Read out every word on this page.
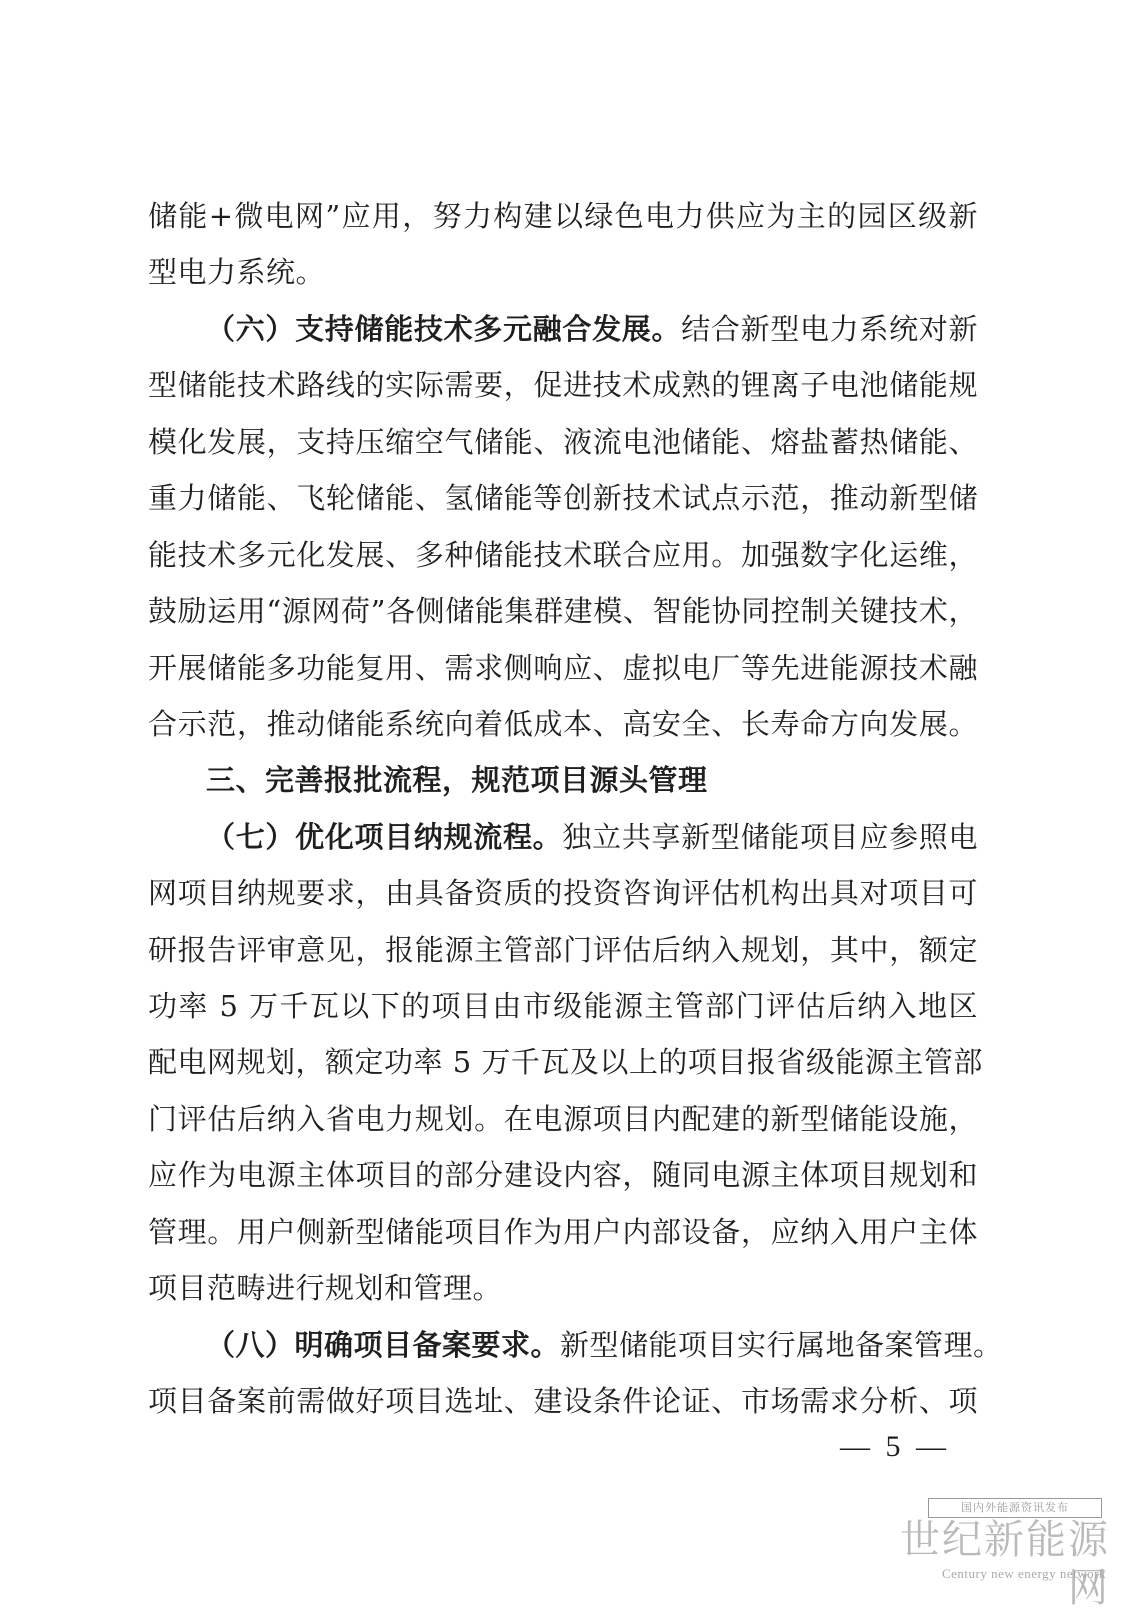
储能+微电网”应用，努力构建以绿色电力供应为主的园区级新
型电力系统。
（六）支持储能技术多元融合发展。结合新型电力系统对新
型储能技术路线的实际需要，促进技术成熟的锂离子电池储能规
模化发展，支持压缩空气储能、液流电池储能、熔盐蓄热储能、
重力储能、飞轮储能、氢储能等创新技术试点示范，推动新型储
能技术多元化发展、多种储能技术联合应用。加强数字化运维，
鼓励运用“源网荷”各侧储能集群建模、智能协同控制关键技术，
开展储能多功能复用、需求侧响应、虚拟电厂等先进能源技术融
合示范，推动储能系统向着低成本、高安全、长寿命方向发展。
三、完善报批流程，规范项目源头管理
（七）优化项目纳规流程。独立共享新型储能项目应参照电
网项目纳规要求，由具备资质的投资咨询评估机构出具对项目可
研报告评审意见，报能源主管部门评估后纳入规划，其中，额定
功率 5 万千瓦以下的项目由市级能源主管部门评估后纳入地区
配电网规划，额定功率 5 万千瓦及以上的项目报省级能源主管部
门评估后纳入省电力规划。在电源项目内配建的新型储能设施，
应作为电源主体项目的部分建设内容，随同电源主体项目规划和
管理。用户侧新型储能项目作为用户内部设备，应纳入用户主体
项目范畴进行规划和管理。
（八）明确项目备案要求。新型储能项目实行属地备案管理。
项目备案前需做好项目选址、建设条件论证、市场需求分析、项
— 5 —
国内外能源资讯发布
世纪新能源网
Century new energy network
